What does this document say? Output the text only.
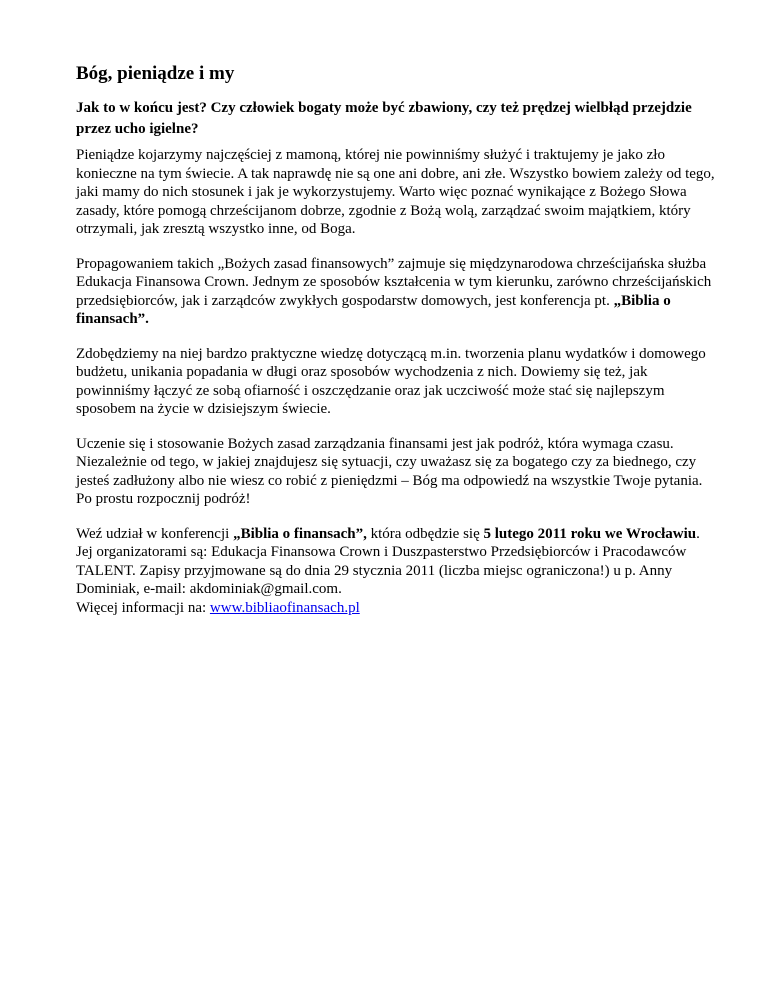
Bóg, pieniądze i my

Jak to w końcu jest? Czy człowiek bogaty może być zbawiony, czy też prędzej wielbłąd przejdzie przez ucho igielne?

Pieniądze kojarzymy najczęściej z mamoną, której nie powinniśmy służyć i traktujemy je jako zło konieczne na tym świecie. A tak naprawdę nie są one ani dobre, ani złe. Wszystko bowiem zależy od tego, jaki mamy do nich stosunek i jak je wykorzystujemy. Warto więc poznać wynikające z Bożego Słowa zasady, które pomogą chrześcijanom dobrze, zgodnie z Bożą wolą, zarządzać swoim majątkiem, który otrzymali, jak zresztą wszystko inne, od Boga.

Propagowaniem takich „Bożych zasad finansowych” zajmuje się międzynarodowa chrześcijańska służba Edukacja Finansowa Crown. Jednym ze sposobów kształcenia w tym kierunku, zarówno chrześcijańskich przedsiębiorców, jak i zarządców zwykłych gospodarstw domowych, jest konferencja pt. „Biblia o finansach”.

Zdobędziemy na niej bardzo praktyczne wiedzę dotyczącą m.in. tworzenia planu wydatków i domowego budżetu, unikania popadania w długi oraz sposobów wychodzenia z nich. Dowiemy się też, jak powinniśmy łączyć ze sobą ofiarność i oszczędzanie oraz jak uczciwość może stać się najlepszym sposobem na życie w dzisiejszym świecie.

Uczenie się i stosowanie Bożych zasad zarządzania finansami jest jak podróż, która wymaga czasu. Niezależnie od tego, w jakiej znajdujesz się sytuacji, czy uważasz się za bogatego czy za biednego, czy jesteś zadłużony albo nie wiesz co robić z pieniędzmi – Bóg ma odpowiedź na wszystkie Twoje pytania. Po prostu rozpocznij podróż!

Weź udział w konferencji „Biblia o finansach”, która odbędzie się 5 lutego 2011 roku we Wrocławiu. Jej organizatorami są: Edukacja Finansowa Crown i Duszpasterstwo Przedsiębiorców i Pracodawców TALENT. Zapisy przyjmowane są do dnia 29 stycznia 2011 (liczba miejsc ograniczona!) u p. Anny Dominiak, e-mail: akdominiak@gmail.com.
Więcej informacji na: www.bibliaofinansach.pl
